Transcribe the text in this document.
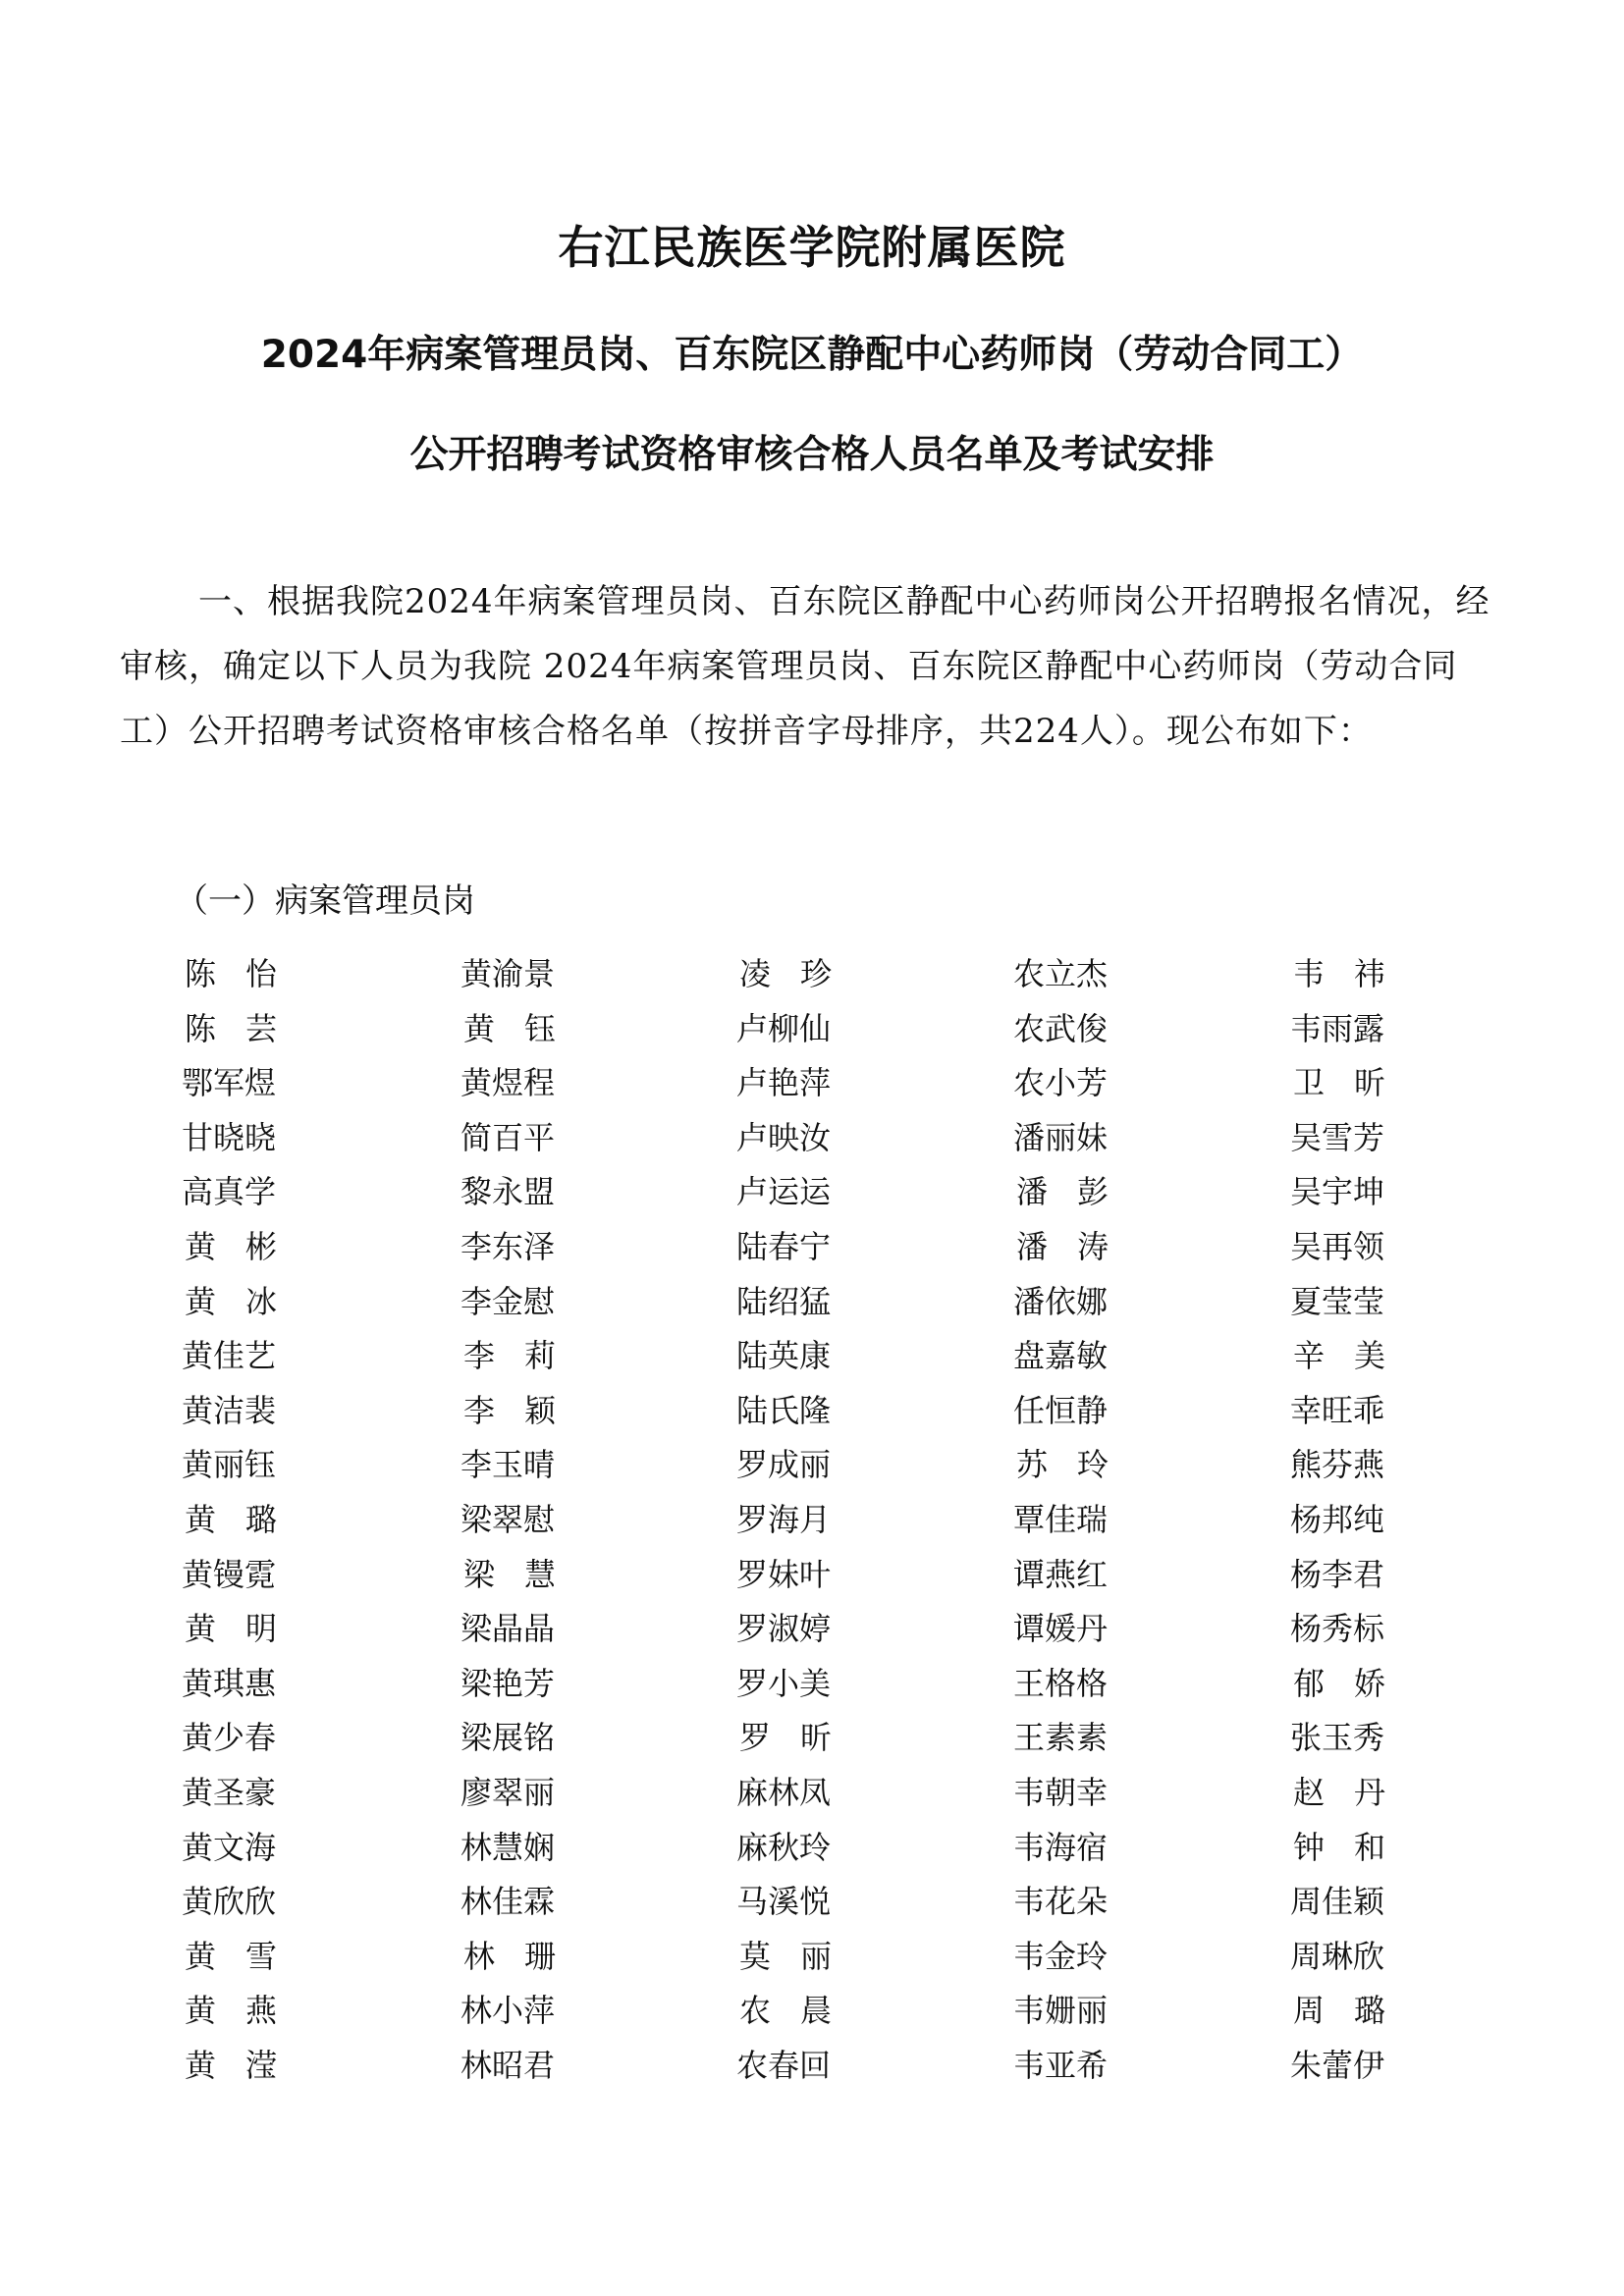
右江民族医学院附属医院
2024年病案管理员岗、百东院区静配中心药师岗（劳动合同工）
公开招聘考试资格审核合格人员名单及考试安排

一、根据我院2024年病案管理员岗、百东院区静配中心药师岗公开招聘报名情况，经审核，确定以下人员为我院 2024年病案管理员岗、百东院区静配中心药师岗（劳动合同工）公开招聘考试资格审核合格名单（按拼音字母排序，共224人）。现公布如下：

（一）病案管理员岗

陈怡
陈芸
鄂军煜
甘晓晓
高真学
黄彬
黄冰
黄佳艺
黄洁裴
黄丽钰
黄璐
黄镘霓
黄明
黄琪惠
黄少春
黄圣豪
黄文海
黄欣欣
黄雪
黄燕
黄滢
黄渝景
黄钰
黄煜程
简百平
黎永盟
李东泽
李金慰
李莉
李颖
李玉晴
梁翠慰
梁慧
梁晶晶
梁艳芳
梁展铭
廖翠丽
林慧娴
林佳霖
林珊
林小萍
林昭君
凌珍
卢柳仙
卢艳萍
卢映汝
卢运运
陆春宁
陆绍猛
陆英康
陆氏隆
罗成丽
罗海月
罗妹叶
罗淑婷
罗小美
罗昕
麻林凤
麻秋玲
马溪悦
莫丽
农晨
农春回
农立杰
农武俊
农小芳
潘丽妹
潘彭
潘涛
潘依娜
盘嘉敏
任恒静
苏玲
覃佳瑞
谭燕红
谭媛丹
王格格
王素素
韦朝幸
韦海宿
韦花朵
韦金玲
韦姗丽
韦亚希
韦祎
韦雨露
卫昕
吴雪芳
吴宇坤
吴再领
夏莹莹
辛美
幸旺乖
熊芬燕
杨邦纯
杨李君
杨秀标
郁娇
张玉秀
赵丹
钟和
周佳颖
周琳欣
周璐
朱蕾伊
